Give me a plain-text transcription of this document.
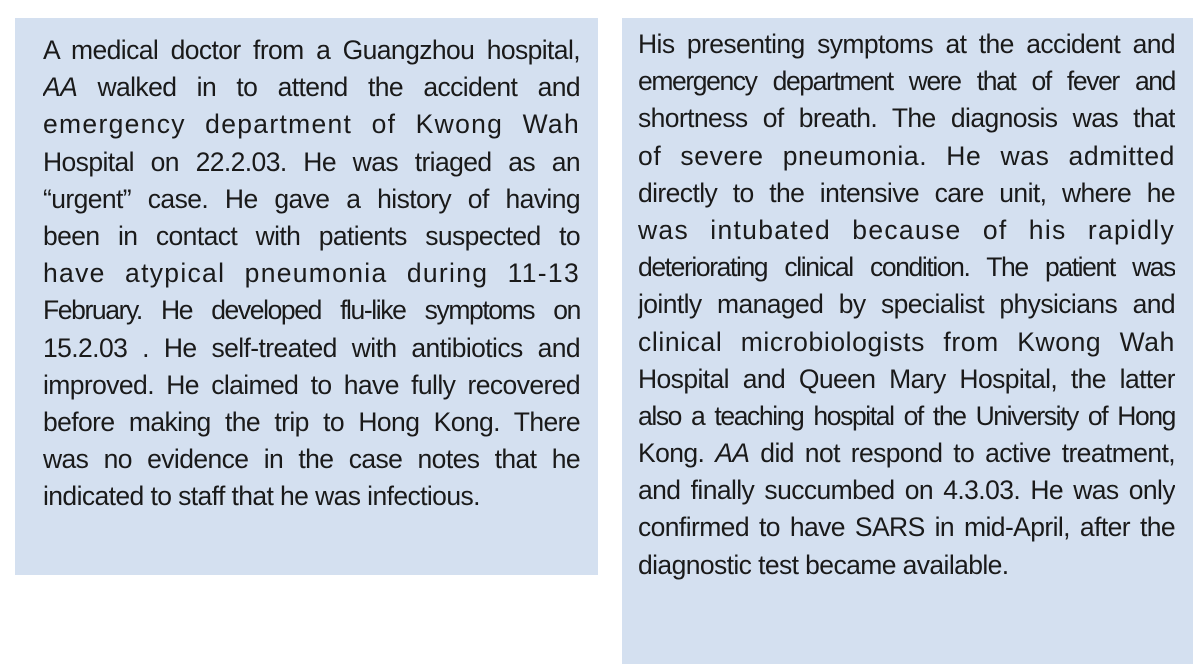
A medical doctor from a Guangzhou hospital,
AA walked in to attend the accident and
emergency department of Kwong Wah
Hospital on 22.2.03. He was triaged as an
“urgent” case. He gave a history of having
been in contact with patients suspected to
have atypical pneumonia during 11-13
February. He developed flu-like symptoms on
15.2.03 . He self-treated with antibiotics and
improved. He claimed to have fully recovered
before making the trip to Hong Kong. There
was no evidence in the case notes that he
indicated to staff that he was infectious.
His presenting symptoms at the accident and
emergency department were that of fever and
shortness of breath. The diagnosis was that
of severe pneumonia. He was admitted
directly to the intensive care unit, where he
was intubated because of his rapidly
deteriorating clinical condition. The patient was
jointly managed by specialist physicians and
clinical microbiologists from Kwong Wah
Hospital and Queen Mary Hospital, the latter
also a teaching hospital of the University of Hong
Kong. AA did not respond to active treatment,
and finally succumbed on 4.3.03. He was only
confirmed to have SARS in mid-April, after the
diagnostic test became available.
